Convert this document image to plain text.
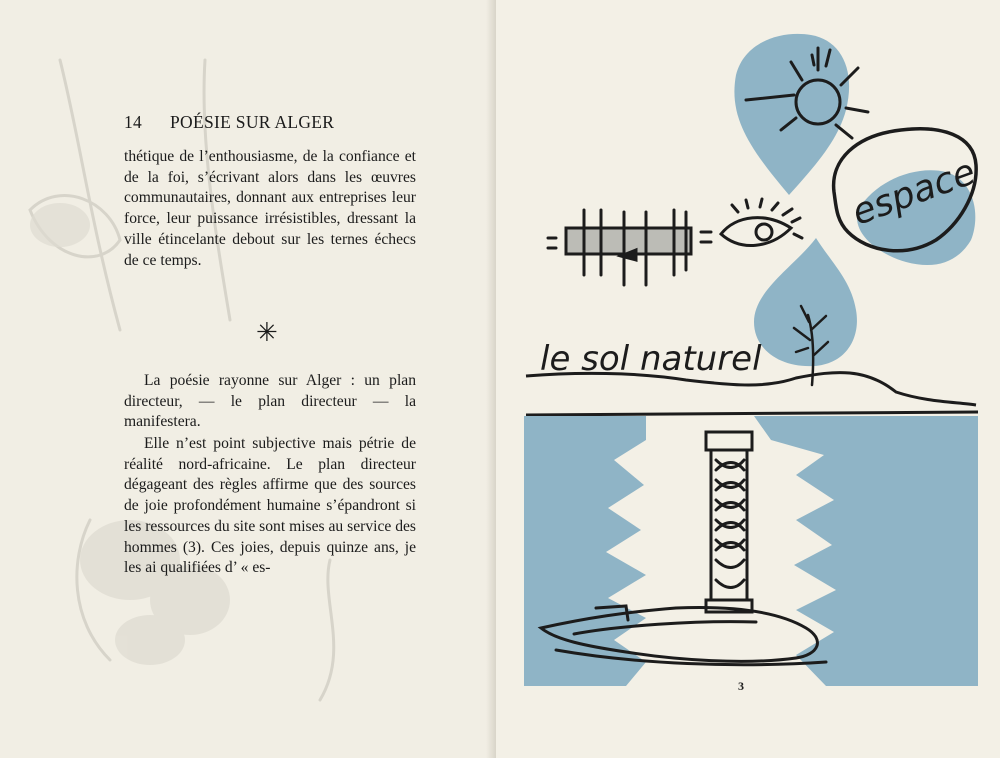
14 POÉSIE SUR ALGER

thétique de l’enthousiasme, de la confiance et de la foi, s’écrivant alors dans les œuvres communautaires, donnant aux entreprises leur force, leur puissance irrésistibles, dressant la ville étincelante debout sur les ternes échecs de ce temps.

✳

La poésie rayonne sur Alger : un plan directeur, — le plan directeur — la manifestera.

Elle n’est point subjective mais pétrie de réalité nord-africaine. Le plan directeur dégageant des règles affirme que des sources de joie profondément humaine s’épandront si les ressources du site sont mises au service des hommes (3). Ces joies, depuis quinze ans, je les ai qualifiées d’ « es-

espace
le sol naturel
3
